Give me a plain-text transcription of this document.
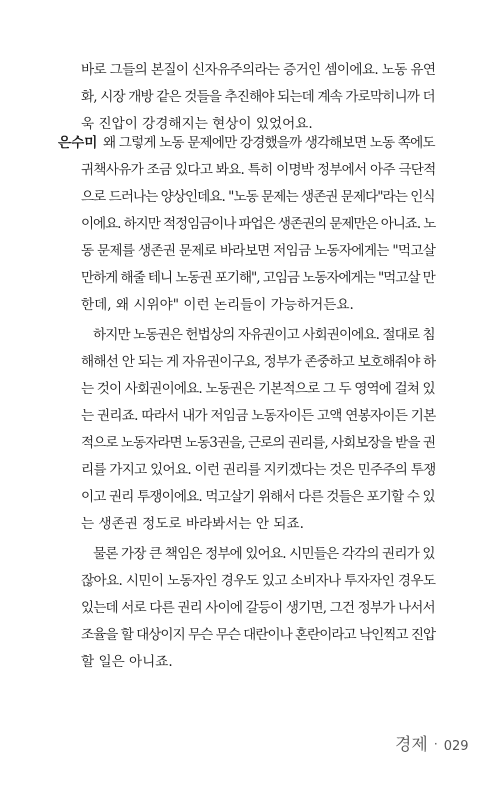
바로 그들의 본질이 신자유주의라는 증거인 셈이에요. 노동 유연
화, 시장 개방 같은 것들을 추진해야 되는데 계속 가로막히니까 더
욱 진압이 강경해지는 현상이 있었어요.
은수미 왜 그렇게 노동 문제에만 강경했을까 생각해보면 노동 쪽에도
귀책사유가 조금 있다고 봐요. 특히 이명박 정부에서 아주 극단적
으로 드러나는 양상인데요. "노동 문제는 생존권 문제다"라는 인식
이에요. 하지만 적정임금이나 파업은 생존권의 문제만은 아니죠. 노
동 문제를 생존권 문제로 바라보면 저임금 노동자에게는 "먹고살
만하게 해줄 테니 노동권 포기해", 고임금 노동자에게는 "먹고살 만
한데, 왜 시위야" 이런 논리들이 가능하거든요.
하지만 노동권은 헌법상의 자유권이고 사회권이에요. 절대로 침
해해선 안 되는 게 자유권이구요, 정부가 존중하고 보호해줘야 하
는 것이 사회권이에요. 노동권은 기본적으로 그 두 영역에 걸쳐 있
는 권리죠. 따라서 내가 저임금 노동자이든 고액 연봉자이든 기본
적으로 노동자라면 노동3권을, 근로의 권리를, 사회보장을 받을 권
리를 가지고 있어요. 이런 권리를 지키겠다는 것은 민주주의 투쟁
이고 권리 투쟁이에요. 먹고살기 위해서 다른 것들은 포기할 수 있
는 생존권 정도로 바라봐서는 안 되죠.
물론 가장 큰 책임은 정부에 있어요. 시민들은 각각의 권리가 있
잖아요. 시민이 노동자인 경우도 있고 소비자나 투자자인 경우도
있는데 서로 다른 권리 사이에 갈등이 생기면, 그건 정부가 나서서
조율을 할 대상이지 무슨 무슨 대란이나 혼란이라고 낙인찍고 진압
할 일은 아니죠.
경제 · 029
